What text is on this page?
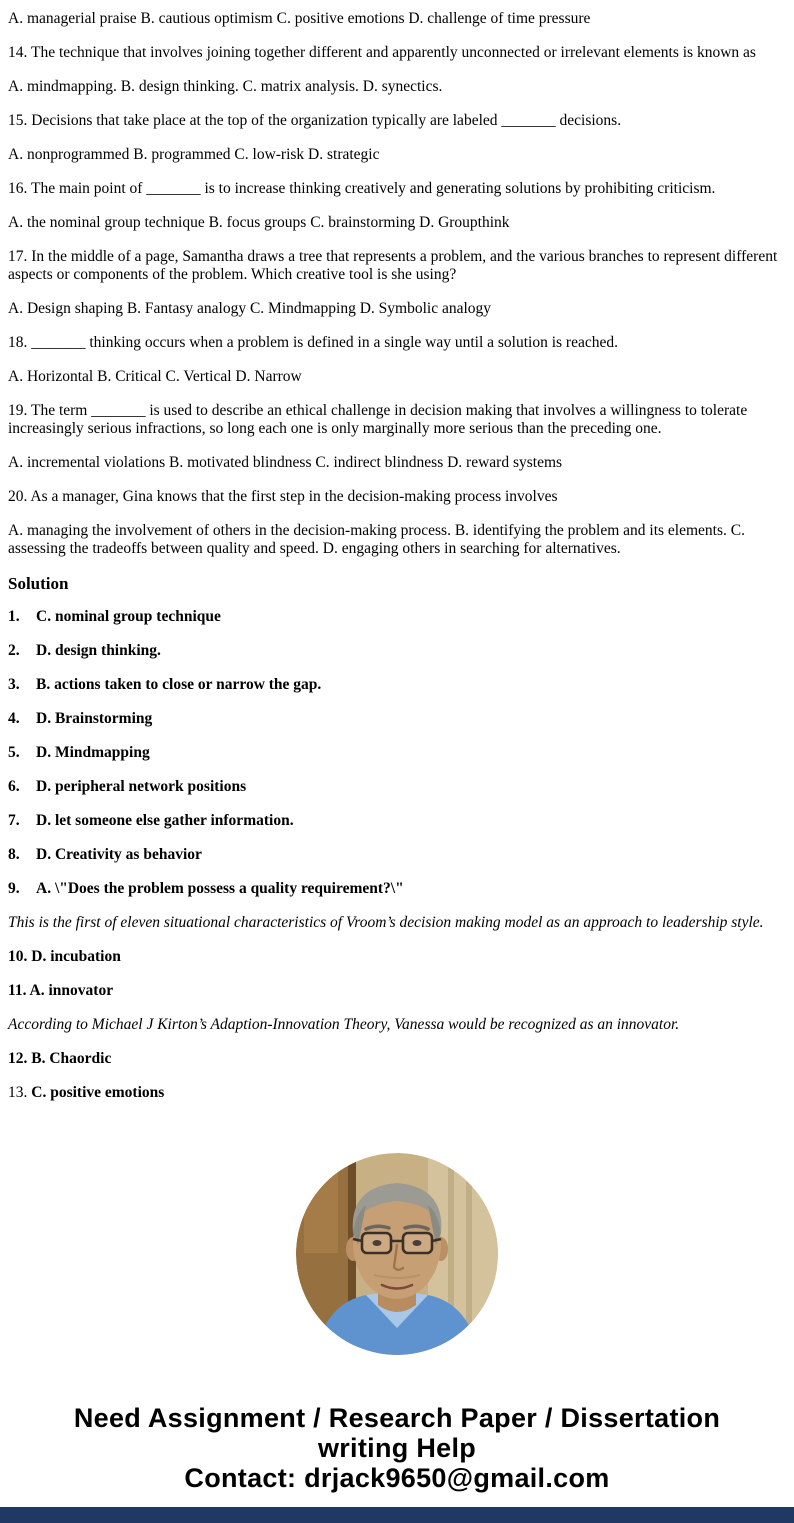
A. managerial praise B. cautious optimism C. positive emotions D. challenge of time pressure

14. The technique that involves joining together different and apparently unconnected or irrelevant elements is known as

A. mindmapping. B. design thinking. C. matrix analysis. D. synectics.

15. Decisions that take place at the top of the organization typically are labeled _______ decisions.

A. nonprogrammed B. programmed C. low-risk D. strategic

16. The main point of _______ is to increase thinking creatively and generating solutions by prohibiting criticism.

A. the nominal group technique B. focus groups C. brainstorming D. Groupthink

17. In the middle of a page, Samantha draws a tree that represents a problem, and the various branches to represent different aspects or components of the problem. Which creative tool is she using?

A. Design shaping B. Fantasy analogy C. Mindmapping D. Symbolic analogy

18. _______ thinking occurs when a problem is defined in a single way until a solution is reached.

A. Horizontal B. Critical C. Vertical D. Narrow

19. The term _______ is used to describe an ethical challenge in decision making that involves a willingness to tolerate increasingly serious infractions, so long each one is only marginally more serious than the preceding one.

A. incremental violations B. motivated blindness C. indirect blindness D. reward systems

20. As a manager, Gina knows that the first step in the decision-making process involves

A. managing the involvement of others in the decision-making process. B. identifying the problem and its elements. C. assessing the tradeoffs between quality and speed. D. engaging others in searching for alternatives.

Solution

1. C. nominal group technique

2. D. design thinking.

3. B. actions taken to close or narrow the gap.

4. D. Brainstorming

5. D. Mindmapping

6. D. peripheral network positions

7. D. let someone else gather information.

8. D. Creativity as behavior

9. A. \"Does the problem possess a quality requirement?\"

This is the first of eleven situational characteristics of Vroom’s decision making model as an approach to leadership style.

10. D. incubation

11. A. innovator

According to Michael J Kirton’s Adaption-Innovation Theory, Vanessa would be recognized as an innovator.

12. B. Chaordic

13. C. positive emotions

Need Assignment / Research Paper / Dissertation writing Help
Contact: drjack9650@gmail.com
